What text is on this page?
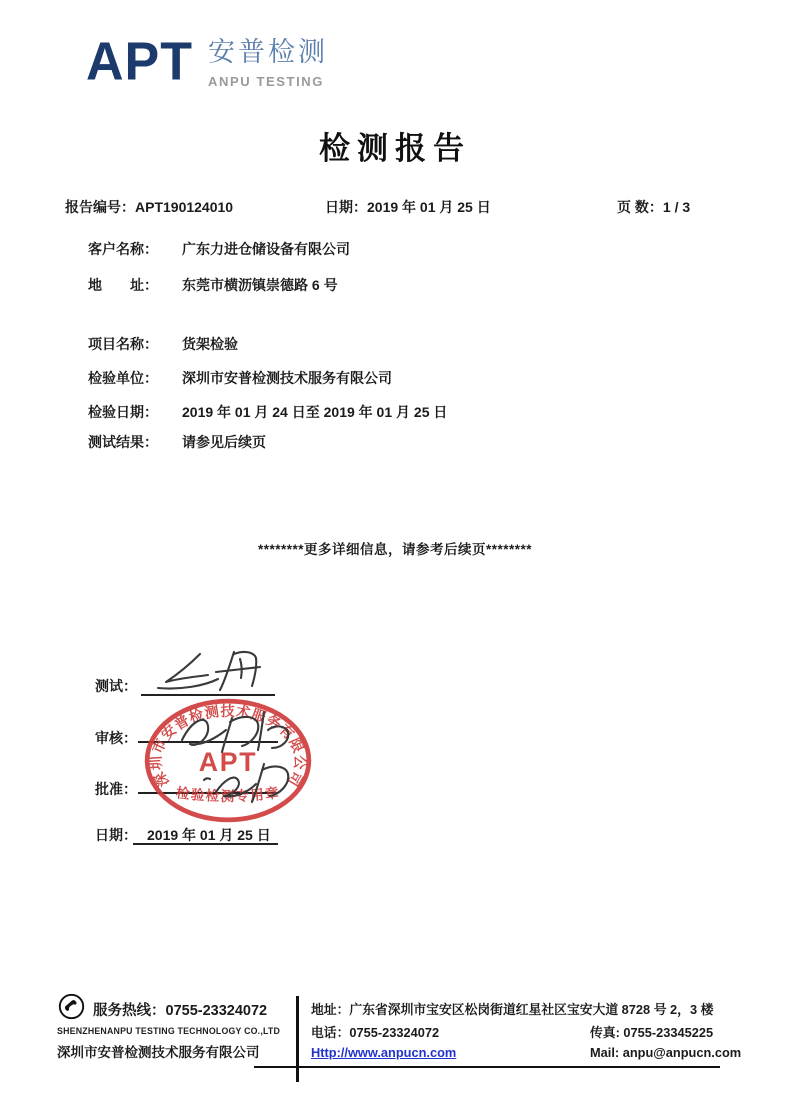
APT 安普检测
ANPU TESTING
检测报告
报告编号：APT190124010	日期：2019 年 01 月 25 日	页 数：1 / 3
客户名称： 广东力进仓储设备有限公司
地　　址： 东莞市横沥镇崇德路 6 号
项目名称： 货架检验
检验单位： 深圳市安普检测技术服务有限公司
检验日期： 2019 年 01 月 24 日至 2019 年 01 月 25 日
测试结果： 请参见后续页
********更多详细信息，请参考后续页********
测试：
审核：
批准：
日期： 2019 年 01 月 25 日
深圳市安普检测技术服务有限公司
APT
检验检测专用章
服务热线：0755-23324072
SHENZHENANPU TESTING TECHNOLOGY CO.,LTD
深圳市安普检测技术服务有限公司
地址：广东省深圳市宝安区松岗街道红星社区宝安大道 8728 号 2，3 楼
电话：0755-23324072	传真: 0755-23345225
Http://www.anpucn.com	Mail: anpu@anpucn.com
